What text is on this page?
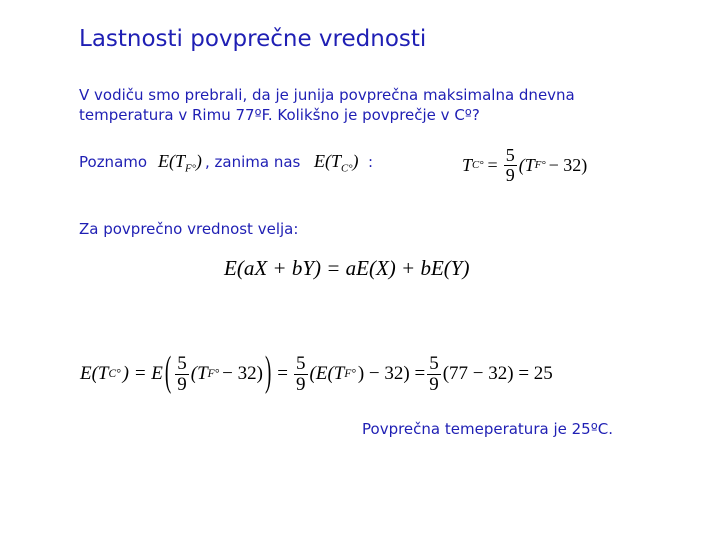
Lastnosti povprečne vrednosti
V vodiču smo prebrali, da je junija povprečna maksimalna dnevna
temperatura v Rimu 77ºF. Kolikšno je povprečje v Cº?
Poznamo $E(T_{F^\circ})$ , zanima nas $E(T_{C^\circ})$ :	T $C^\circ = \frac{5}{9} (T$ F° − 32)
Za povprečno vrednost velja:
E(aX + bY) = aE(X) + bE(Y)
E(T C° ) = E ( $\frac{5}{9} (T$ F° − 32) ) = $\frac{5}{9} (E(T$ F° ) − $32) = \frac{5}{9} (77 - 32) = 25$
Povprečna temeperatura je 25ºC.
